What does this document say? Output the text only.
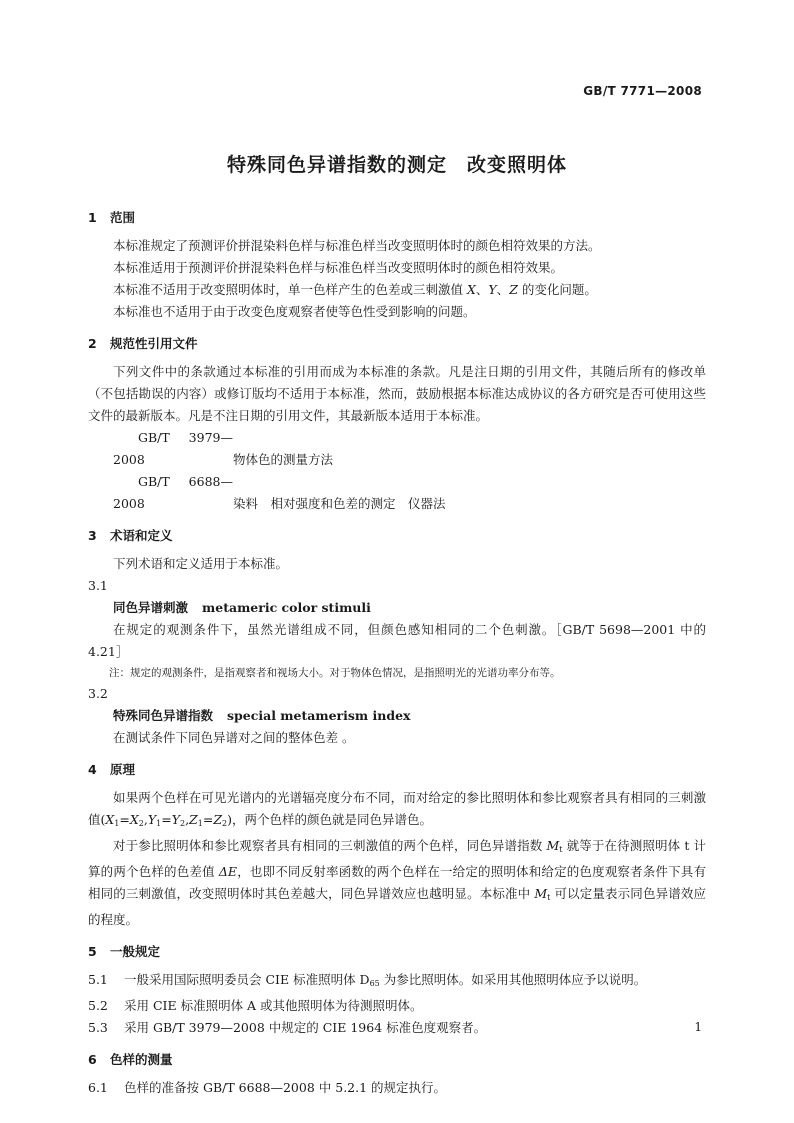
GB/T 7771—2008
特殊同色异谱指数的测定　改变照明体
1 范围

本标准规定了预测评价拼混染料色样与标准色样当改变照明体时的颜色相符效果的方法。

本标准适用于预测评价拼混染料色样与标准色样当改变照明体时的颜色相符效果。

本标准不适用于改变照明体时，单一色样产生的色差或三刺激值 X、Y、Z 的变化问题。

本标准也不适用于由于改变色度观察者使等色性受到影响的问题。

2 规范性引用文件

下列文件中的条款通过本标准的引用而成为本标准的条款。凡是注日期的引用文件，其随后所有的修改单（不包括勘误的内容）或修订版均不适用于本标准，然而，鼓励根据本标准达成协议的各方研究是否可使用这些文件的最新版本。凡是不注日期的引用文件，其最新版本适用于本标准。

GB/T 3979—2008	物体色的测量方法

GB/T 6688—2008	染料　相对强度和色差的测定　仪器法

3 术语和定义

下列术语和定义适用于本标准。

3.1

同色异谱刺激 metameric color stimuli

在规定的观测条件下，虽然光谱组成不同，但颜色感知相同的二个色刺激。［GB/T 5698—2001 中的 4.21］

注：规定的观测条件，是指观察者和视场大小。对于物体色情况，是指照明光的光谱功率分布等。

3.2

特殊同色异谱指数 special metamerism index

在测试条件下同色异谱对之间的整体色差 。

4 原理

如果两个色样在可见光谱内的光谱辐亮度分布不同，而对给定的参比照明体和参比观察者具有相同的三刺激值$(X_1=X_2,Y_1=Y_2,Z_1=Z_2)$，两个色样的颜色就是同色异谱色。

对于参比照明体和参比观察者具有相同的三刺激值的两个色样，同色异谱指数 $M_t$ 就等于在待测照明体 t 计算的两个色样的色差值 ΔE，也即不同反射率函数的两个色样在一给定的照明体和给定的色度观察者条件下具有相同的三刺激值，改变照明体时其色差越大，同色异谱效应也越明显。本标准中 $M_t$ 可以定量表示同色异谱效应的程度。

5 一般规定

5.1 一般采用国际照明委员会 CIE 标准照明体 $D_{65}$ 为参比照明体。如采用其他照明体应予以说明。

5.2 采用 CIE 标准照明体 A 或其他照明体为待测照明体。

5.3 采用 GB/T 3979—2008 中规定的 CIE 1964 标准色度观察者。

6 色样的测量

6.1 色样的准备按 GB/T 6688—2008 中 5.2.1 的规定执行。

1
